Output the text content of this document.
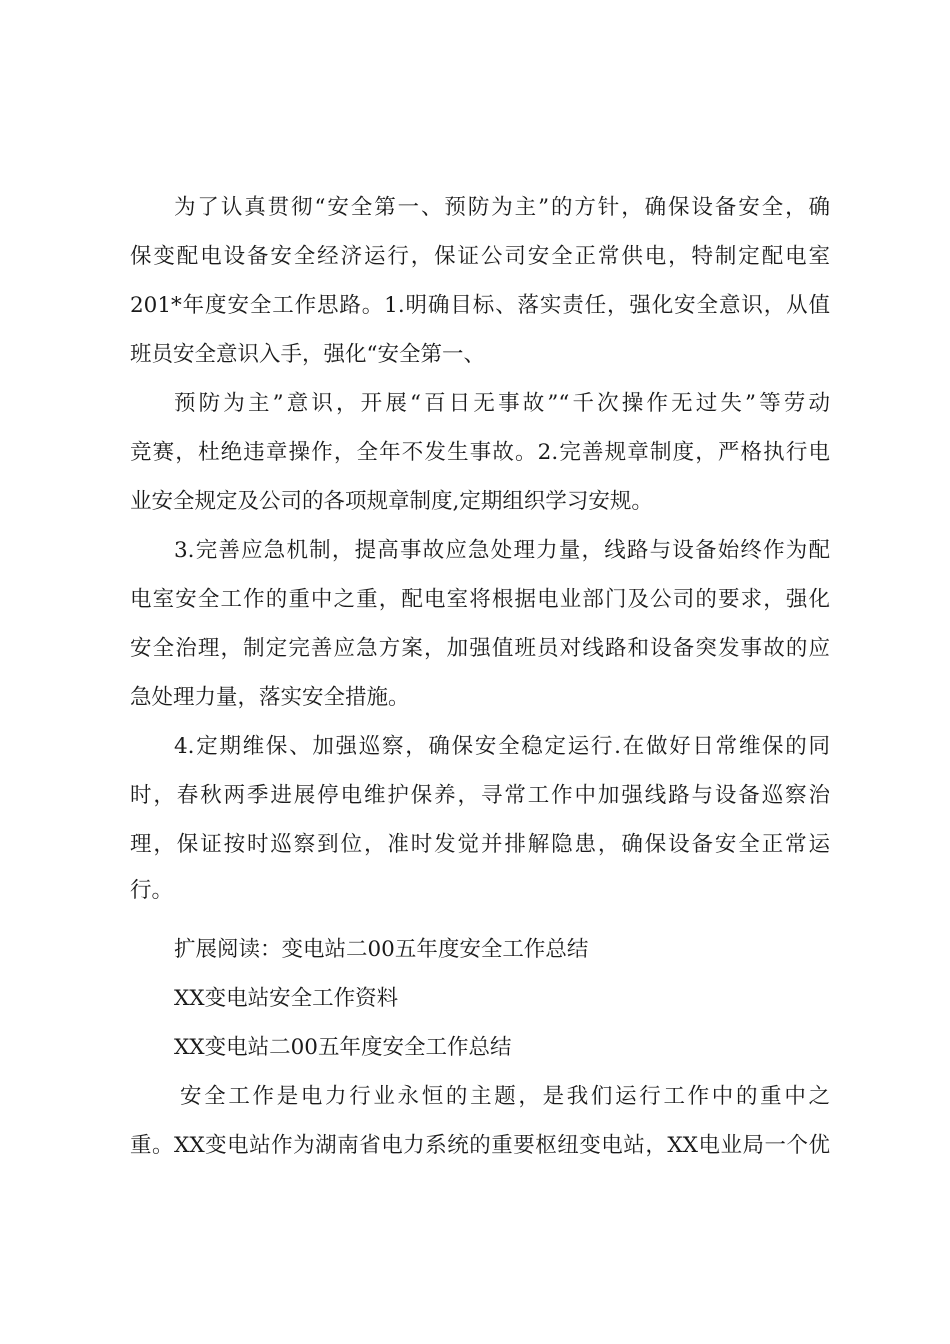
为了认真贯彻“安全第一、预防为主”的方针，确保设备安全，确
保变配电设备安全经济运行，保证公司安全正常供电，特制定配电室
201*年度安全工作思路。1.明确目标、落实责任，强化安全意识，从值
班员安全意识入手，强化“安全第一、
预防为主”意识，开展“百日无事故”“千次操作无过失”等劳动
竞赛，杜绝违章操作，全年不发生事故。2.完善规章制度，严格执行电
业安全规定及公司的各项规章制度,定期组织学习安规。
3.完善应急机制，提高事故应急处理力量，线路与设备始终作为配
电室安全工作的重中之重，配电室将根据电业部门及公司的要求，强化
安全治理，制定完善应急方案，加强值班员对线路和设备突发事故的应
急处理力量，落实安全措施。
4.定期维保、加强巡察，确保安全稳定运行.在做好日常维保的同
时，春秋两季进展停电维护保养，寻常工作中加强线路与设备巡察治
理，保证按时巡察到位，准时发觉并排解隐患，确保设备安全正常运
行。
扩展阅读：变电站二00五年度安全工作总结
XX变电站安全工作资料
XX变电站二00五年度安全工作总结
安全工作是电力行业永恒的主题，是我们运行工作中的重中之
重。XX变电站作为湖南省电力系统的重要枢纽变电站，XX电业局一个优
